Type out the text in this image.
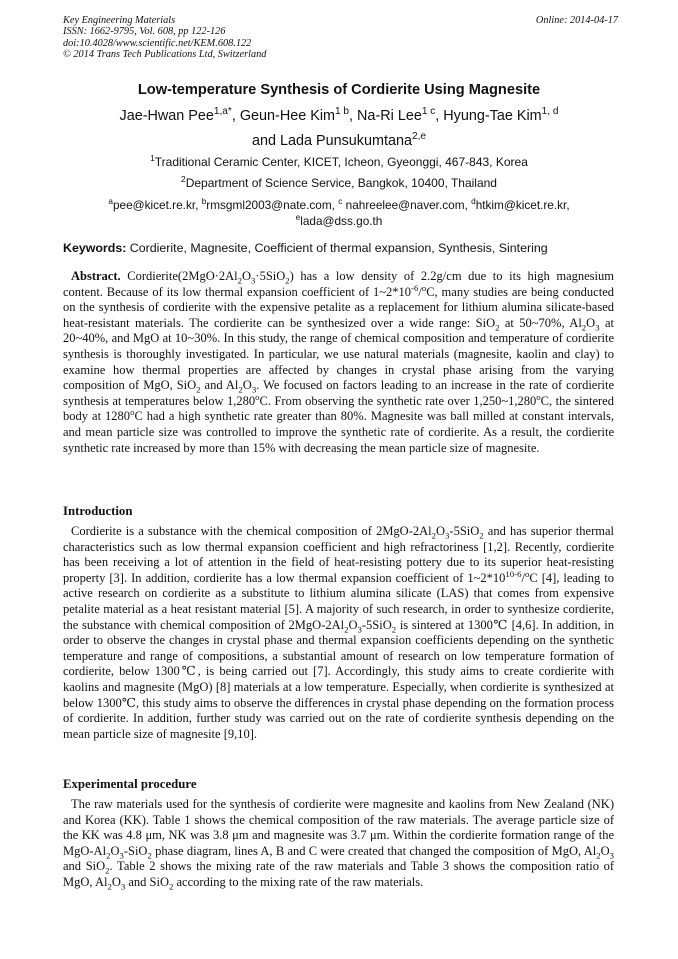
Key Engineering Materials
ISSN: 1662-9795, Vol. 608, pp 122-126
doi:10.4028/www.scientific.net/KEM.608.122
© 2014 Trans Tech Publications Ltd, Switzerland
Online: 2014-04-17
Low-temperature Synthesis of Cordierite Using Magnesite
Jae-Hwan Pee$^{1,a*}$, Geun-Hee Kim$^{1 b}$, Na-Ri Lee$^{1 c}$, Hyung-Tae Kim$^{1, d}$
and Lada Punsukumtana$^{2,e}$
$^1$Traditional Ceramic Center, KICET, Icheon, Gyeonggi, 467-843, Korea
$^2$Department of Science Service, Bangkok, 10400, Thailand
$^a$pee@kicet.re.kr, $^b$rmsgml2003@nate.com, $^c$ nahreelee@naver.com, $^d$htkim@kicet.re.kr,
$^e$lada@dss.go.th
Keywords: Cordierite, Magnesite, Coefficient of thermal expansion, Synthesis, Sintering
Abstract. $Cordierite(2MgO\cdot 2Al_2O_3\cdot 5SiO_2)$ has a low density of 2.2g/cm due to its high magnesium content. Because of its low thermal expansion coefficient of $1\sim 2*10^{-6}/^oC$, many studies are being conducted on the synthesis of cordierite with the expensive petalite as a replacement for lithium alumina silicate-based heat-resistant materials. The cordierite can be synthesized over a wide range: SiO$_2$ at 50~70%, $Al_2O_3$ at 20~40%, and MgO at 10~30%. In this study, the range of chemical composition and temperature of cordierite synthesis is thoroughly investigated. In particular, we use natural materials (magnesite, kaolin and clay) to examine how thermal properties are affected by changes in crystal phase arising from the varying composition of MgO, SiO$_2$ and $Al_2O_3$. We focused on factors leading to an increase in the rate of cordierite synthesis at temperatures below 1,280$^o$C. From observing the synthetic rate over 1,250~1,280$^o$C, the sintered body at 1280$^o$C had a high synthetic rate greater than 80%. Magnesite was ball milled at constant intervals, and mean particle size was controlled to improve the synthetic rate of cordierite. As a result, the cordierite synthetic rate increased by more than 15% with decreasing the mean particle size of magnesite.
Introduction
Cordierite is a substance with the chemical composition of $2MgO-2Al_2O_3-5SiO_2$ and has superior thermal characteristics such as low thermal expansion coefficient and high refractoriness [1,2]. Recently, cordierite has been receiving a lot of attention in the field of heat-resisting pottery due to its superior heat-resisting property [3]. In addition, cordierite has a low thermal expansion coefficient of 1~2*10$^{10-6}$/$^o$C [4], leading to active research on cordierite as a substitute to lithium alumina silicate (LAS) that comes from expensive petalite material as a heat resistant material [5]. A majority of such research, in order to synthesize cordierite, the substance with chemical composition of $2MgO-2Al_2O_3-5SiO_2$ is sintered at 1300℃ [4,6]. In addition, in order to observe the changes in crystal phase and thermal expansion coefficients depending on the synthetic temperature and range of compositions, a substantial amount of research on low temperature formation of cordierite, below 1300℃, is being carried out [7]. Accordingly, this study aims to create cordierite with kaolins and magnesite (MgO) [8] materials at a low temperature. Especially, when cordierite is synthesized at below 1300℃, this study aims to observe the differences in crystal phase depending on the formation process of cordierite. In addition, further study was carried out on the rate of cordierite synthesis depending on the mean particle size of magnesite [9,10].
Experimental procedure
The raw materials used for the synthesis of cordierite were magnesite and kaolins from New Zealand (NK) and Korea (KK). Table 1 shows the chemical composition of the raw materials. The average particle size of the KK was 4.8 μm, NK was 3.8 μm and magnesite was 3.7 μm. Within the cordierite formation range of the MgO-$Al_2O_3-SiO_2$ phase diagram, lines A, B and C were created that changed the composition of MgO, $Al_2O_3$ and SiO$_2$. Table 2 shows the mixing rate of the raw materials and Table 3 shows the composition ratio of MgO, $Al_2O_3$ and SiO$_2$ according to the mixing rate of the raw materials.
